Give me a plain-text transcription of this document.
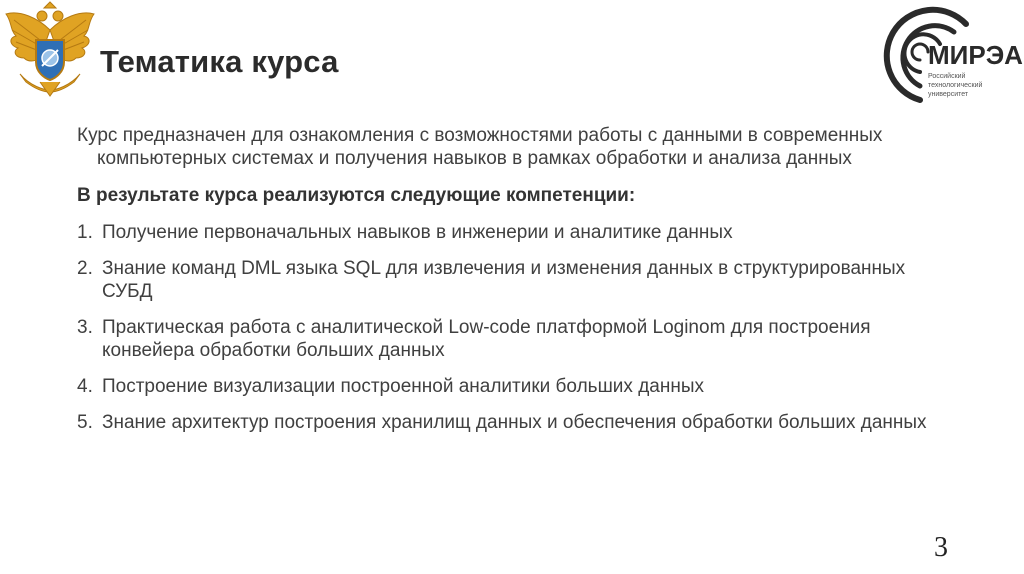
Тематика курса	МИРЭА
Российский
технологический
университет

Курс предназначен для ознакомления с возможностями работы с данными в современных компьютерных системах и получения навыков в рамках обработки и анализа данных

В результате курса реализуются следующие компетенции:

1. Получение первоначальных навыков в инженерии и аналитике данных
2. Знание команд DML языка SQL для извлечения и изменения данных в структурированных СУБД
3. Практическая работа с аналитической Low-code платформой Loginom для построения конвейера обработки больших данных
4. Построение визуализации построенной аналитики больших данных
5. Знание архитектур построения хранилищ данных и обеспечения обработки больших данных
3
